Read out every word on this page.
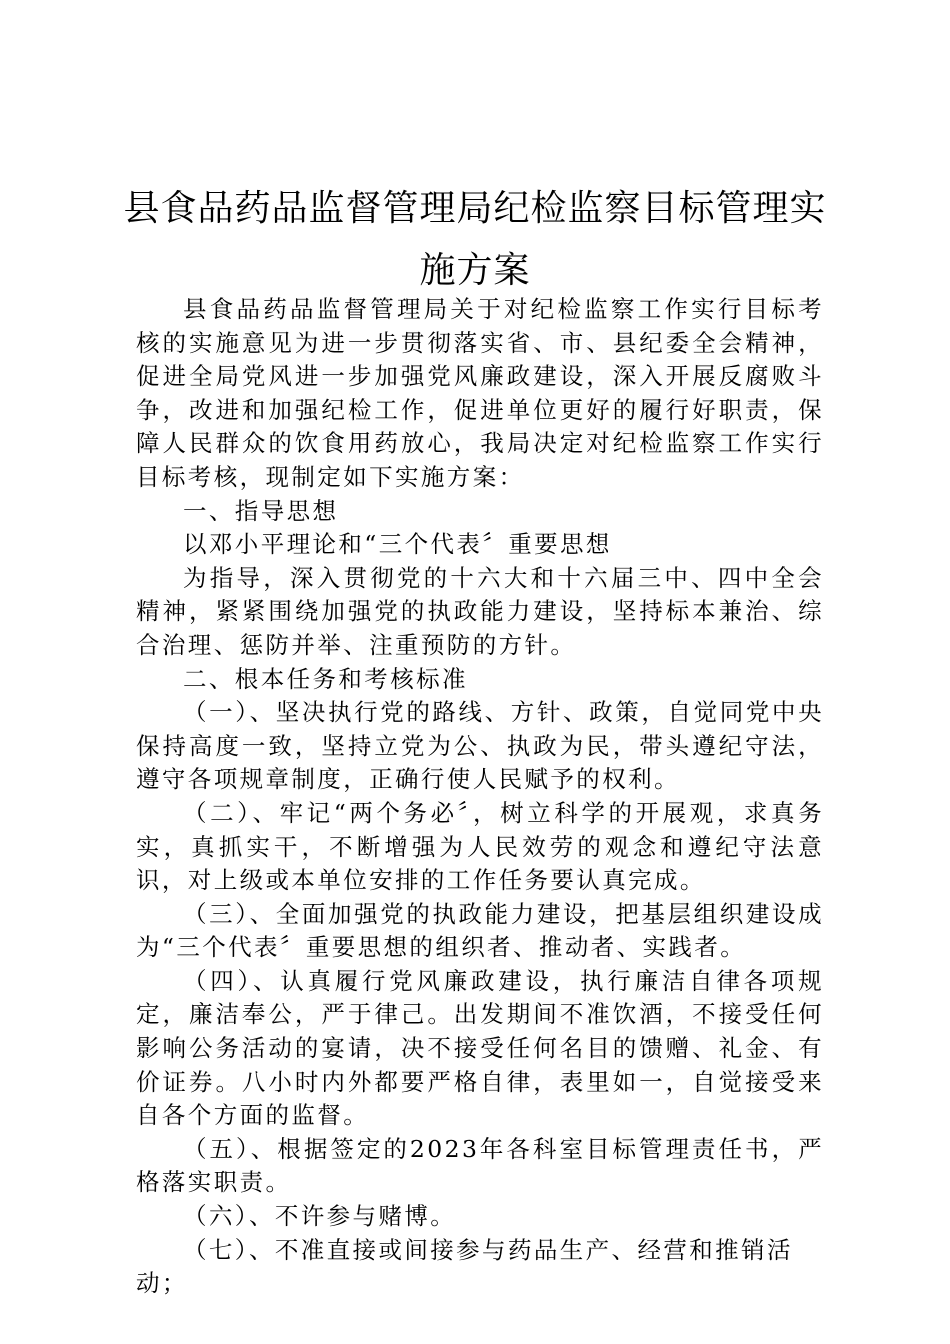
县食品药品监督管理局纪检监察目标管理实
施方案

县食品药品监督管理局关于对纪检监察工作实行目标考核的实施意见为进一步贯彻落实省、市、县纪委全会精神，促进全局党风进一步加强党风廉政建设，深入开展反腐败斗争，改进和加强纪检工作，促进单位更好的履行好职责，保障人民群众的饮食用药放心，我局决定对纪检监察工作实行目标考核，现制定如下实施方案：

一、指导思想

以邓小平理论和“三个代表〞重要思想

为指导，深入贯彻党的十六大和十六届三中、四中全会精神，紧紧围绕加强党的执政能力建设，坚持标本兼治、综合治理、惩防并举、注重预防的方针。

二、根本任务和考核标准

（一）、坚决执行党的路线、方针、政策，自觉同党中央保持高度一致，坚持立党为公、执政为民，带头遵纪守法，遵守各项规章制度，正确行使人民赋予的权利。

（二）、牢记“两个务必〞，树立科学的开展观，求真务实，真抓实干，不断增强为人民效劳的观念和遵纪守法意识，对上级或本单位安排的工作任务要认真完成。

（三）、全面加强党的执政能力建设，把基层组织建设成为“三个代表〞重要思想的组织者、推动者、实践者。

（四）、认真履行党风廉政建设，执行廉洁自律各项规定，廉洁奉公，严于律己。出发期间不准饮酒，不接受任何影响公务活动的宴请，决不接受任何名目的馈赠、礼金、有价证券。八小时内外都要严格自律，表里如一，自觉接受来自各个方面的监督。

（五）、根据签定的2023年各科室目标管理责任书，严格落实职责。

（六）、不许参与赌博。

（七）、不准直接或间接参与药品生产、经营和推销活动；
